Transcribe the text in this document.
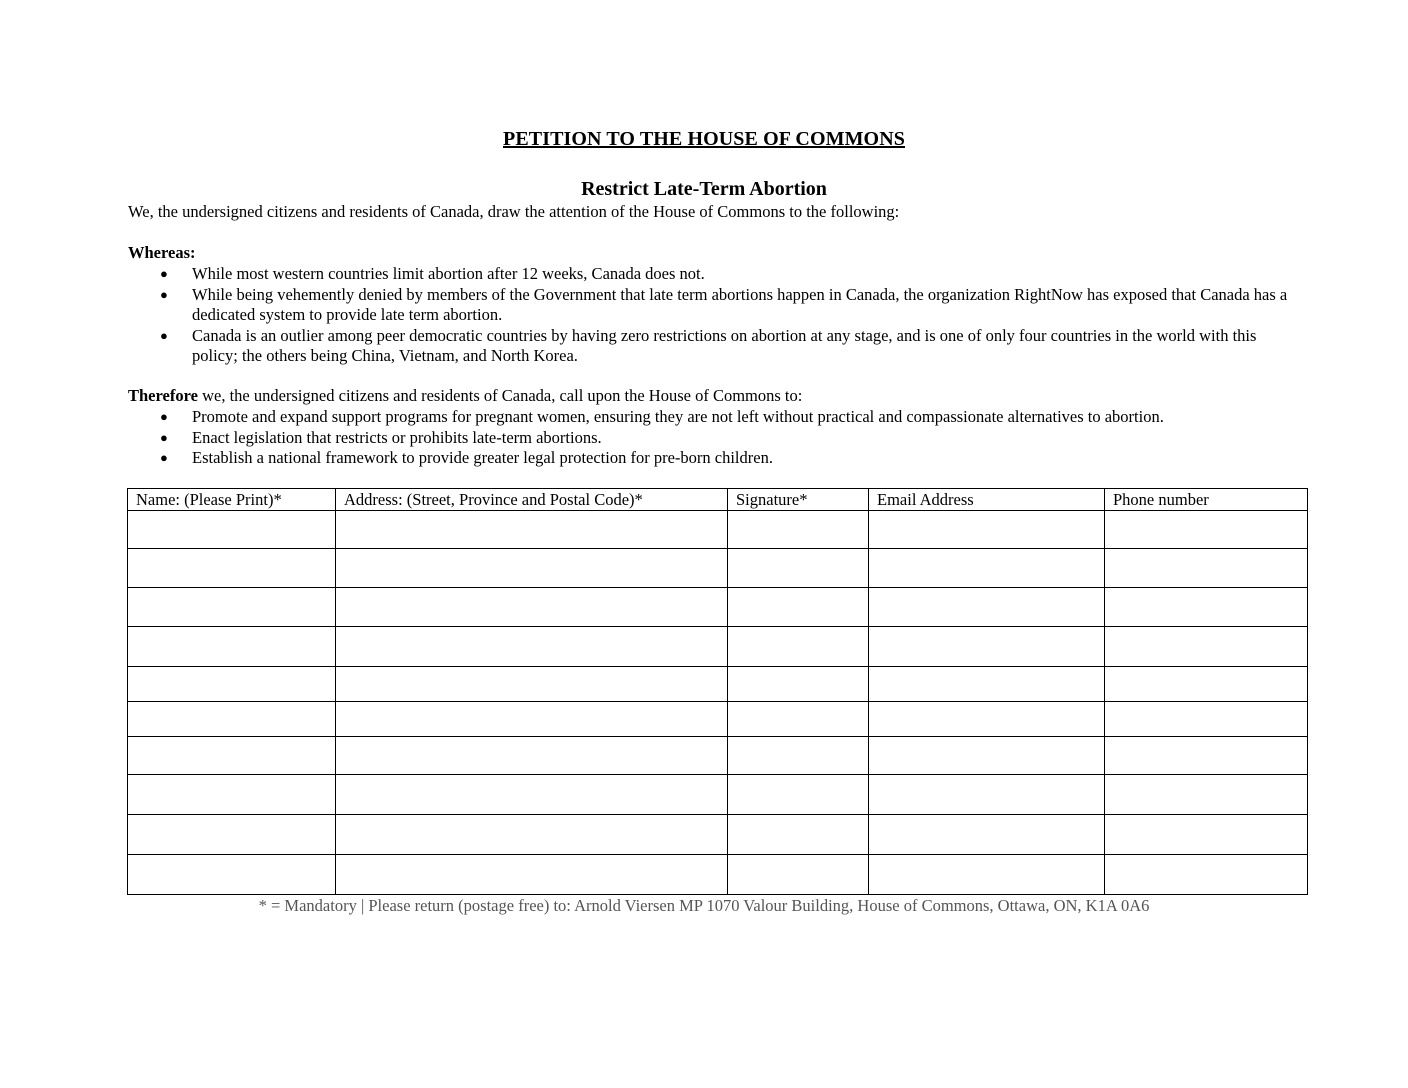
PETITION TO THE HOUSE OF COMMONS
Restrict Late-Term Abortion
We, the undersigned citizens and residents of Canada, draw the attention of the House of Commons to the following:
Whereas:
● While most western countries limit abortion after 12 weeks, Canada does not.
● While being vehemently denied by members of the Government that late term abortions happen in Canada, the organization RightNow has exposed that Canada has a dedicated system to provide late term abortion.
● Canada is an outlier among peer democratic countries by having zero restrictions on abortion at any stage, and is one of only four countries in the world with this policy; the others being China, Vietnam, and North Korea.
Therefore we, the undersigned citizens and residents of Canada, call upon the House of Commons to:
● Promote and expand support programs for pregnant women, ensuring they are not left without practical and compassionate alternatives to abortion.
● Enact legislation that restricts or prohibits late-term abortions.
● Establish a national framework to provide greater legal protection for pre-born children.
Name: (Please Print)*	Address: (Street, Province and Postal Code)*	Signature*	Email Address	Phone number

* = Mandatory | Please return (postage free) to: Arnold Viersen MP 1070 Valour Building, House of Commons, Ottawa, ON, K1A 0A6
